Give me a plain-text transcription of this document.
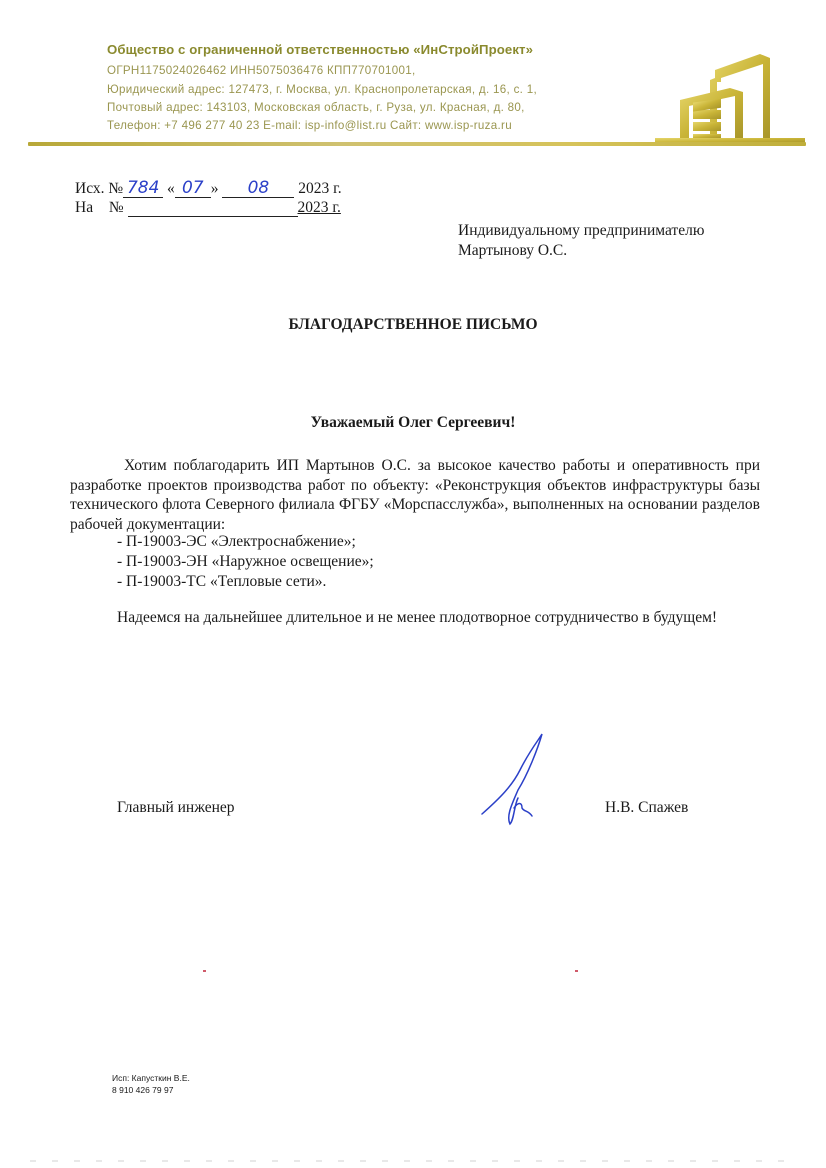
Общество с ограниченной ответственностью «ИнСтройПроект»
ОГРН1175024026462 ИНН5075036476 КПП770701001,
Юридический адрес: 127473, г. Москва, ул. Краснопролетарская, д. 16, с. 1,
Почтовый адрес: 143103, Московская область, г. Руза, ул. Красная, д. 80,
Телефон: +7 496 277 40 23 E-mail: isp-info@list.ru Сайт: www.isp-ruza.ru
Исх. № 784 « 07 » 08 2023 г.
На №	2023 г.
Индивидуальному предпринимателю
Мартынову О.С.
БЛАГОДАРСТВЕННОЕ ПИСЬМО
Уважаемый Олег Сергеевич!
Хотим поблагодарить ИП Мартынов О.С. за высокое качество работы и оперативность при разработке проектов производства работ по объекту: «Реконструкция объектов инфраструктуры базы технического флота Северного филиала ФГБУ «Морспасслужба», выполненных на основании разделов рабочей документации:
- П-19003-ЭС «Электроснабжение»;
- П-19003-ЭН «Наружное освещение»;
- П-19003-ТС «Тепловые сети».
Надеемся на дальнейшее длительное и не менее плодотворное сотрудничество в будущем!
Главный инженер	Н.В. Спажев
Исп: Капусткин В.Е.
8 910 426 79 97
